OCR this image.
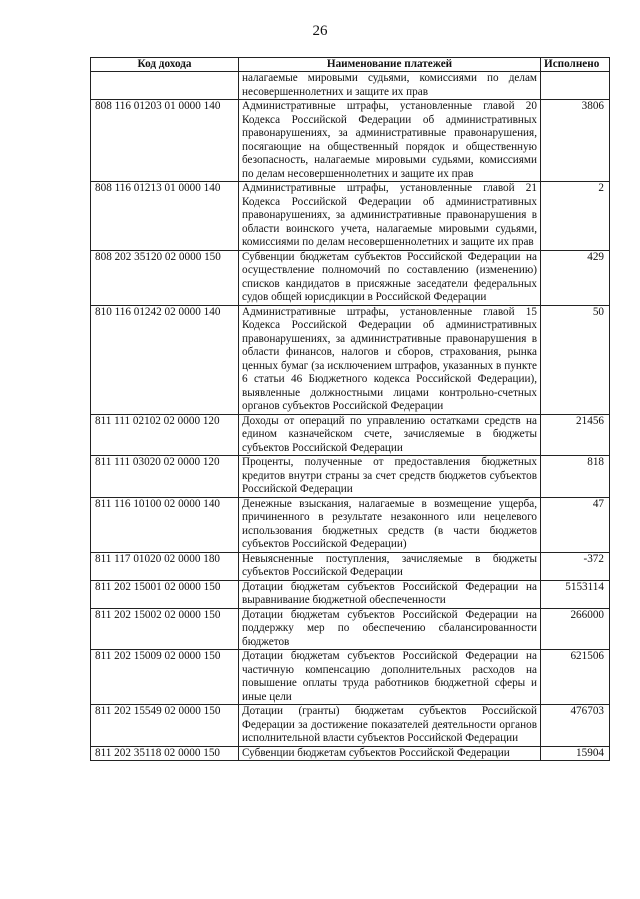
26
Код дохода	Наименование платежей	Исполнено
	налагаемые мировыми судьями, комиссиями по делам несовершеннолетних и защите их прав	
808 116 01203 01 0000 140	Административные штрафы, установленные главой 20 Кодекса Российской Федерации об административных правонарушениях, за административные правонарушения, посягающие на общественный порядок и общественную безопасность, налагаемые мировыми судьями, комиссиями по делам несовершеннолетних и защите их прав	3806
808 116 01213 01 0000 140	Административные штрафы, установленные главой 21 Кодекса Российской Федерации об административных правонарушениях, за административные правонарушения в области воинского учета, налагаемые мировыми судьями, комиссиями по делам несовершеннолетних и защите их прав	2
808 202 35120 02 0000 150	Субвенции бюджетам субъектов Российской Федерации на осуществление полномочий по составлению (изменению) списков кандидатов в присяжные заседатели федеральных судов общей юрисдикции в Российской Федерации	429
810 116 01242 02 0000 140	Административные штрафы, установленные главой 15 Кодекса Российской Федерации об административных правонарушениях, за административные правонарушения в области финансов, налогов и сборов, страхования, рынка ценных бумаг (за исключением штрафов, указанных в пункте 6 статьи 46 Бюджетного кодекса Российской Федерации), выявленные должностными лицами контрольно-счетных органов субъектов Российской Федерации	50
811 111 02102 02 0000 120	Доходы от операций по управлению остатками средств на едином казначейском счете, зачисляемые в бюджеты субъектов Российской Федерации	21456
811 111 03020 02 0000 120	Проценты, полученные от предоставления бюджетных кредитов внутри страны за счет средств бюджетов субъектов Российской Федерации	818
811 116 10100 02 0000 140	Денежные взыскания, налагаемые в возмещение ущерба, причиненного в результате незаконного или нецелевого использования бюджетных средств (в части бюджетов субъектов Российской Федерации)	47
811 117 01020 02 0000 180	Невыясненные поступления, зачисляемые в бюджеты субъектов Российской Федерации	-372
811 202 15001 02 0000 150	Дотации бюджетам субъектов Российской Федерации на выравнивание бюджетной обеспеченности	5153114
811 202 15002 02 0000 150	Дотации бюджетам субъектов Российской Федерации на поддержку мер по обеспечению сбалансированности бюджетов	266000
811 202 15009 02 0000 150	Дотации бюджетам субъектов Российской Федерации на частичную компенсацию дополнительных расходов на повышение оплаты труда работников бюджетной сферы и иные цели	621506
811 202 15549 02 0000 150	Дотации (гранты) бюджетам субъектов Российской Федерации за достижение показателей деятельности органов исполнительной власти субъектов Российской Федерации	476703
811 202 35118 02 0000 150	Субвенции бюджетам субъектов Российской Федерации	15904
